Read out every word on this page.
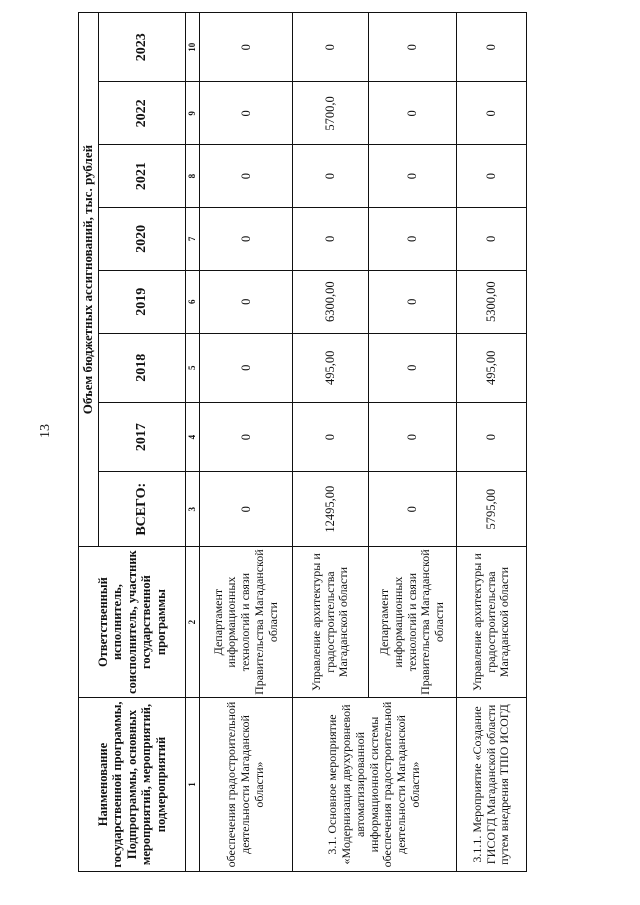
13
Наименование государственной программы, Подпрограммы, основных мероприятий, мероприятий, подмероприятий	Ответственный исполнитель, соисполнитель, участник государственной программы	Объем бюджетных ассигнований, тыс. рублей							
		ВСЕГО:	2017	2018	2019	2020	2021	2022	2023
1	2	3	4	5	6	7	8	9	10
обеспечения градостроительной деятельности Магаданской области»	Департамент информационных технологий и связи Правительства Магаданской области	0	0	0	0	0	0	0	0
3.1. Основное мероприятие «Модернизация двухуровневой автоматизированной информационной системы обеспечения градостроительной деятельности Магаданской области»	Управление архитектуры и градостроительства Магаданской области	12495,00	0	495,00	6300,00	0	0	5700,0	0
	Департамент информационных технологий и связи Правительства Магаданской области	0	0	0	0	0	0	0	0
3.1.1. Мероприятие «Создание ГИСОГД Магаданской области путем внедрения ТПIO ИСОГД	Управление архитектуры и градостроительства Магаданской области	5795,00	0	495,00	5300,00	0	0	0	0
